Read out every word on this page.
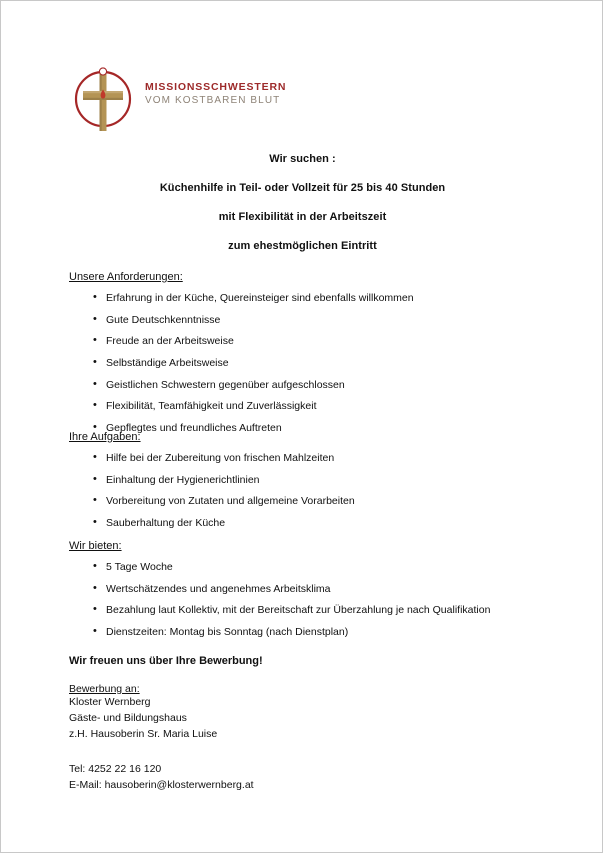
MISSIONSSCHWESTERN
VOM KOSTBAREN BLUT
Wir suchen :
Küchenhilfe in Teil- oder Vollzeit für 25 bis 40 Stunden
mit Flexibilität in der Arbeitszeit
zum ehestmöglichen Eintritt
Unsere Anforderungen:
• Erfahrung in der Küche, Quereinsteiger sind ebenfalls willkommen
• Gute Deutschkenntnisse
• Freude an der Arbeitsweise
• Selbständige Arbeitsweise
• Geistlichen Schwestern gegenüber aufgeschlossen
• Flexibilität, Teamfähigkeit und Zuverlässigkeit
• Gepflegtes und freundliches Auftreten
Ihre Aufgaben:
• Hilfe bei der Zubereitung von frischen Mahlzeiten
• Einhaltung der Hygienerichtlinien
• Vorbereitung von Zutaten und allgemeine Vorarbeiten
• Sauberhaltung der Küche
Wir bieten:
• 5 Tage Woche
• Wertschätzendes und angenehmes Arbeitsklima
• Bezahlung laut Kollektiv, mit der Bereitschaft zur Überzahlung je nach Qualifikation
• Dienstzeiten: Montag bis Sonntag (nach Dienstplan)
Wir freuen uns über Ihre Bewerbung!
Bewerbung an:
Kloster Wernberg
Gäste- und Bildungshaus
z.H. Hausoberin Sr. Maria Luise
Tel: 4252 22 16 120
E-Mail: hausoberin@klosterwernberg.at
